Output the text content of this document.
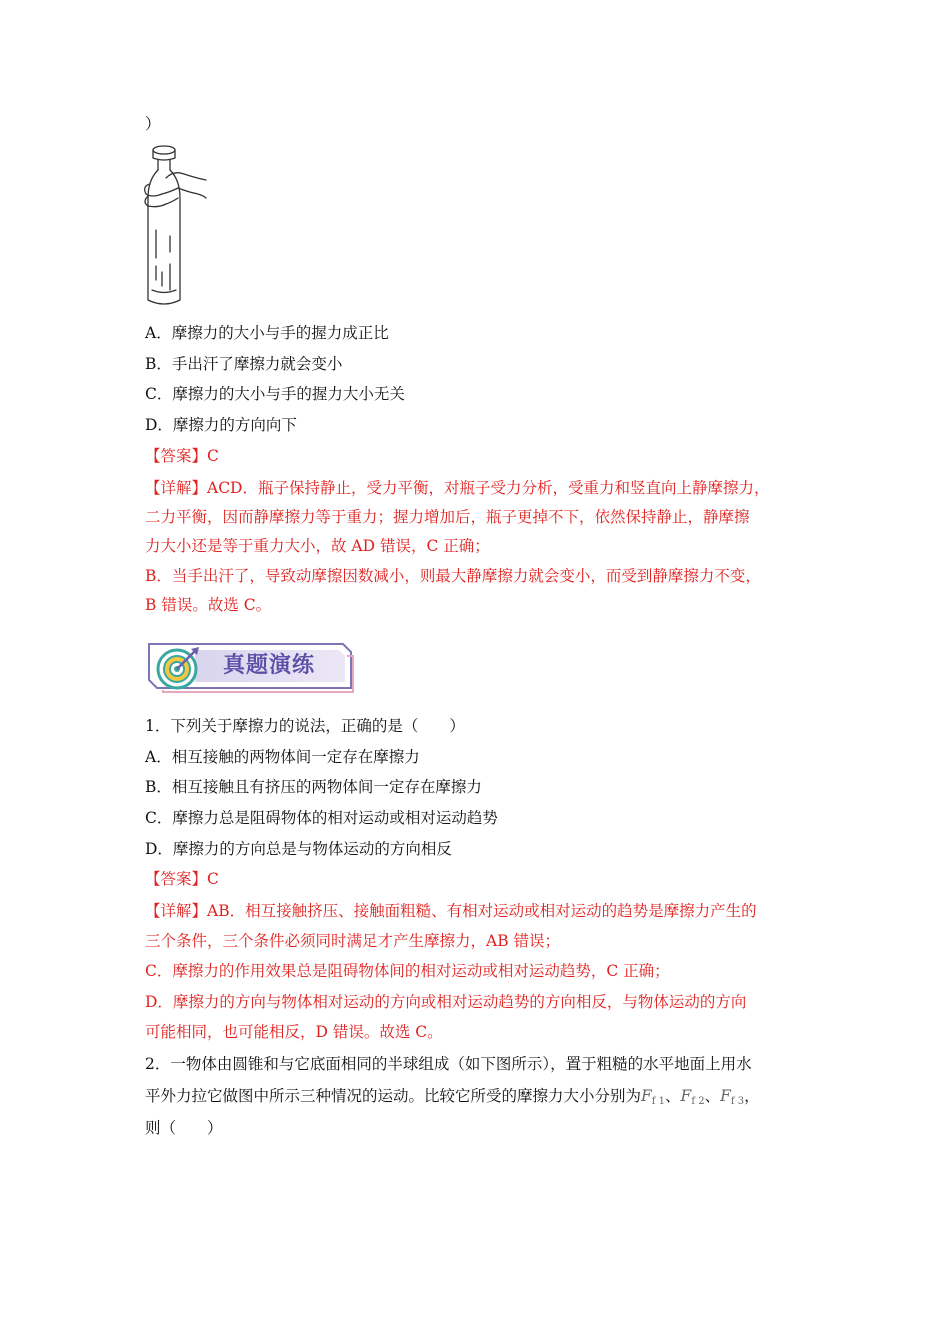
）
A．摩擦力的大小与手的握力成正比
B．手出汗了摩擦力就会变小
C．摩擦力的大小与手的握力大小无关
D．摩擦力的方向向下
【答案】C
【详解】ACD．瓶子保持静止，受力平衡，对瓶子受力分析，受重力和竖直向上静摩擦力，
二力平衡，因而静摩擦力等于重力；握力增加后，瓶子更掉不下，依然保持静止，静摩擦
力大小还是等于重力大小，故 AD 错误，C 正确；
B．当手出汗了，导致动摩擦因数减小，则最大静摩擦力就会变小，而受到静摩擦力不变，
B 错误。故选 C。
真题演练
1．下列关于摩擦力的说法，正确的是（　　）
A．相互接触的两物体间一定存在摩擦力
B．相互接触且有挤压的两物体间一定存在摩擦力
C．摩擦力总是阻碍物体的相对运动或相对运动趋势
D．摩擦力的方向总是与物体运动的方向相反
【答案】C
【详解】AB．相互接触挤压、接触面粗糙、有相对运动或相对运动的趋势是摩擦力产生的
三个条件，三个条件必须同时满足才产生摩擦力，AB 错误；
C．摩擦力的作用效果总是阻碍物体间的相对运动或相对运动趋势，C 正确；
D．摩擦力的方向与物体相对运动的方向或相对运动趋势的方向相反，与物体运动的方向
可能相同，也可能相反，D 错误。故选 C。
2．一物体由圆锥和与它底面相同的半球组成（如下图所示），置于粗糙的水平地面上用水
平外力拉它做图中所示三种情况的运动。比较它所受的摩擦力大小分别为$F_{f 1}$、$F_{f 2}$、$F_{f 3}$，
则（　　）
